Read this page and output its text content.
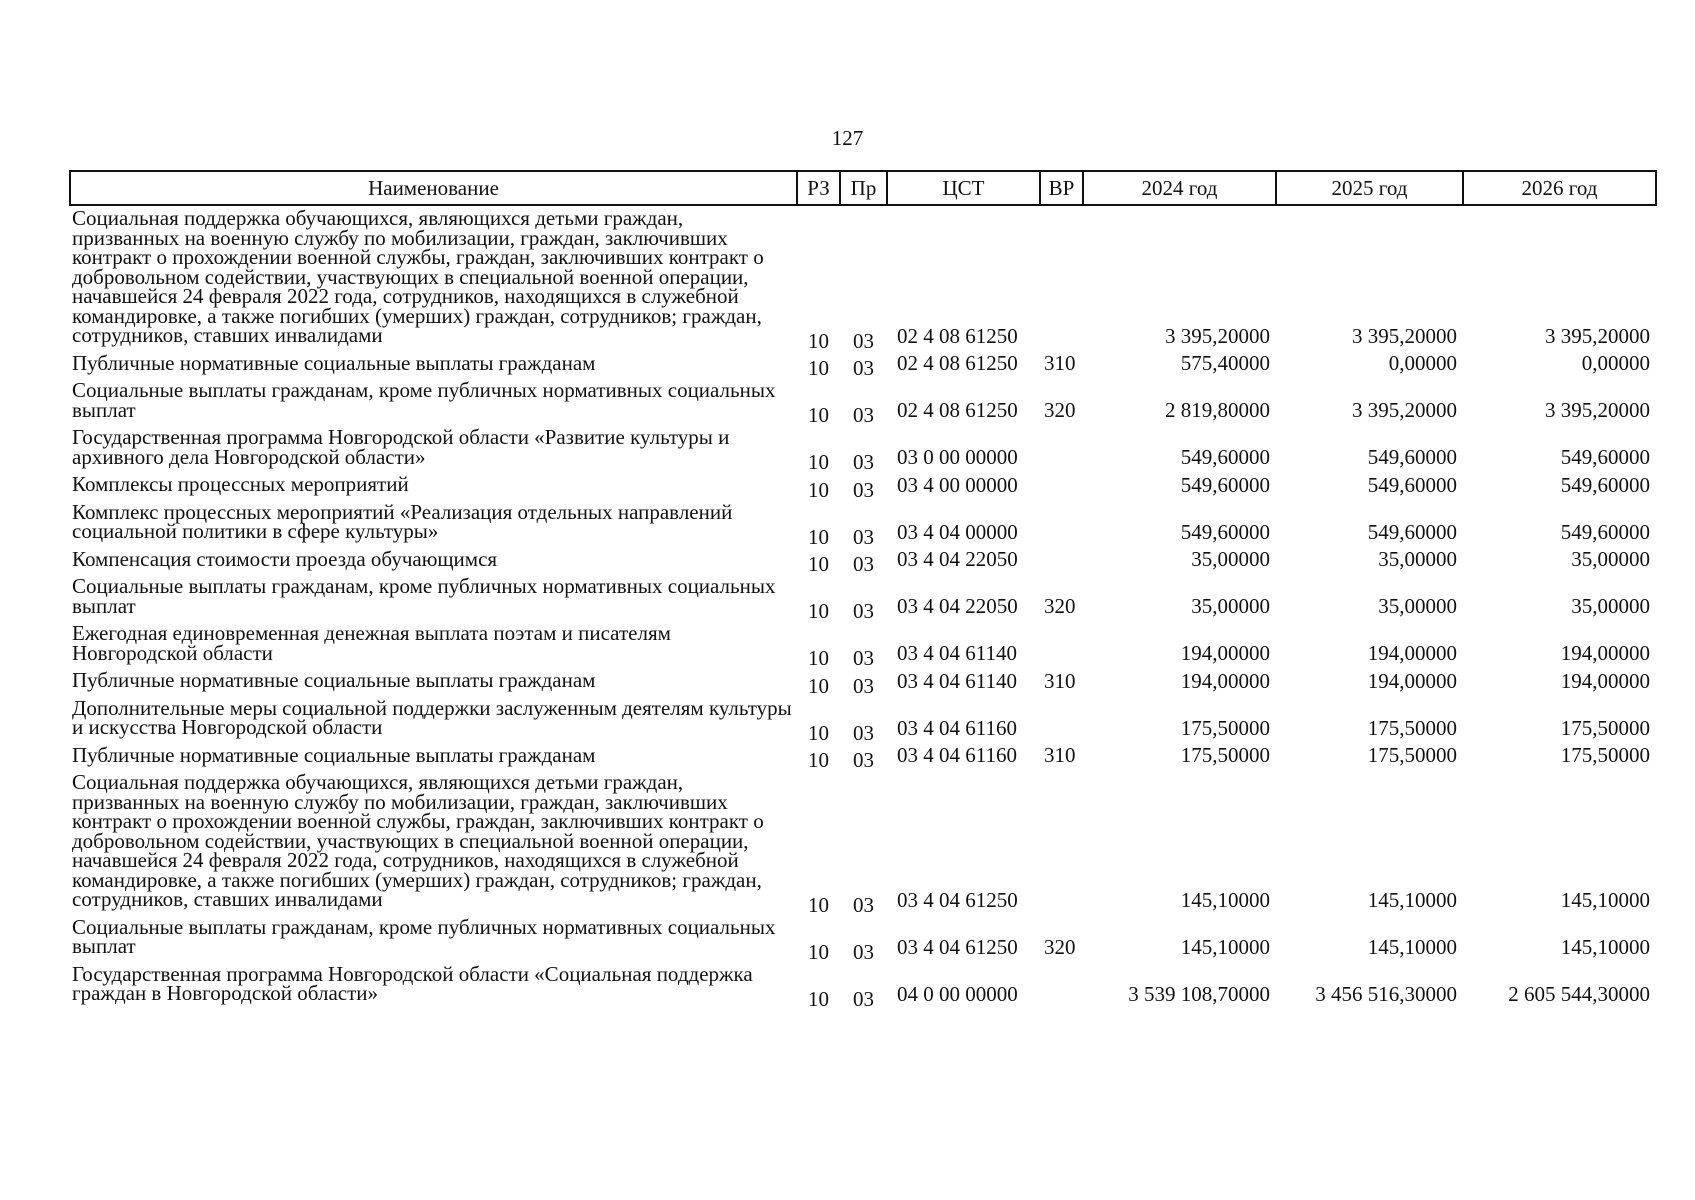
127
Наименование	РЗ	Пр	ЦСТ	ВР	2024 год	2025 год	2026 год
Социальная поддержка обучающихся, являющихся детьми граждан, призванных на военную службу по мобилизации, граждан, заключивших контракт о прохождении военной службы, граждан, заключивших контракт о добровольном содействии, участвующих в специальной военной операции, начавшейся 24 февраля 2022 года, сотрудников, находящихся в служебной командировке, а также погибших (умерших) граждан, сотрудников; граждан, сотрудников, ставших инвалидами	10	03	02 4 08 61250		3 395,20000	3 395,20000	3 395,20000
Публичные нормативные социальные выплаты гражданам	10	03	02 4 08 61250	310	575,40000	0,00000	0,00000
Социальные выплаты гражданам, кроме публичных нормативных социальных выплат	10	03	02 4 08 61250	320	2 819,80000	3 395,20000	3 395,20000
Государственная программа Новгородской области «Развитие культуры и архивного дела Новгородской области»	10	03	03 0 00 00000		549,60000	549,60000	549,60000
Комплексы процессных мероприятий	10	03	03 4 00 00000		549,60000	549,60000	549,60000
Комплекс процессных мероприятий «Реализация отдельных направлений социальной политики в сфере культуры»	10	03	03 4 04 00000		549,60000	549,60000	549,60000
Компенсация стоимости проезда обучающимся	10	03	03 4 04 22050		35,00000	35,00000	35,00000
Социальные выплаты гражданам, кроме публичных нормативных социальных выплат	10	03	03 4 04 22050	320	35,00000	35,00000	35,00000
Ежегодная единовременная денежная выплата поэтам и писателям Новгородской области	10	03	03 4 04 61140		194,00000	194,00000	194,00000
Публичные нормативные социальные выплаты гражданам	10	03	03 4 04 61140	310	194,00000	194,00000	194,00000
Дополнительные меры социальной поддержки заслуженным деятелям культуры и искусства Новгородской области	10	03	03 4 04 61160		175,50000	175,50000	175,50000
Публичные нормативные социальные выплаты гражданам	10	03	03 4 04 61160	310	175,50000	175,50000	175,50000
Социальная поддержка обучающихся, являющихся детьми граждан, призванных на военную службу по мобилизации, граждан, заключивших контракт о прохождении военной службы, граждан, заключивших контракт о добровольном содействии, участвующих в специальной военной операции, начавшейся 24 февраля 2022 года, сотрудников, находящихся в служебной командировке, а также погибших (умерших) граждан, сотрудников; граждан, сотрудников, ставших инвалидами	10	03	03 4 04 61250		145,10000	145,10000	145,10000
Социальные выплаты гражданам, кроме публичных нормативных социальных выплат	10	03	03 4 04 61250	320	145,10000	145,10000	145,10000
Государственная программа Новгородской области «Социальная поддержка граждан в Новгородской области»	10	03	04 0 00 00000		3 539 108,70000	3 456 516,30000	2 605 544,30000
